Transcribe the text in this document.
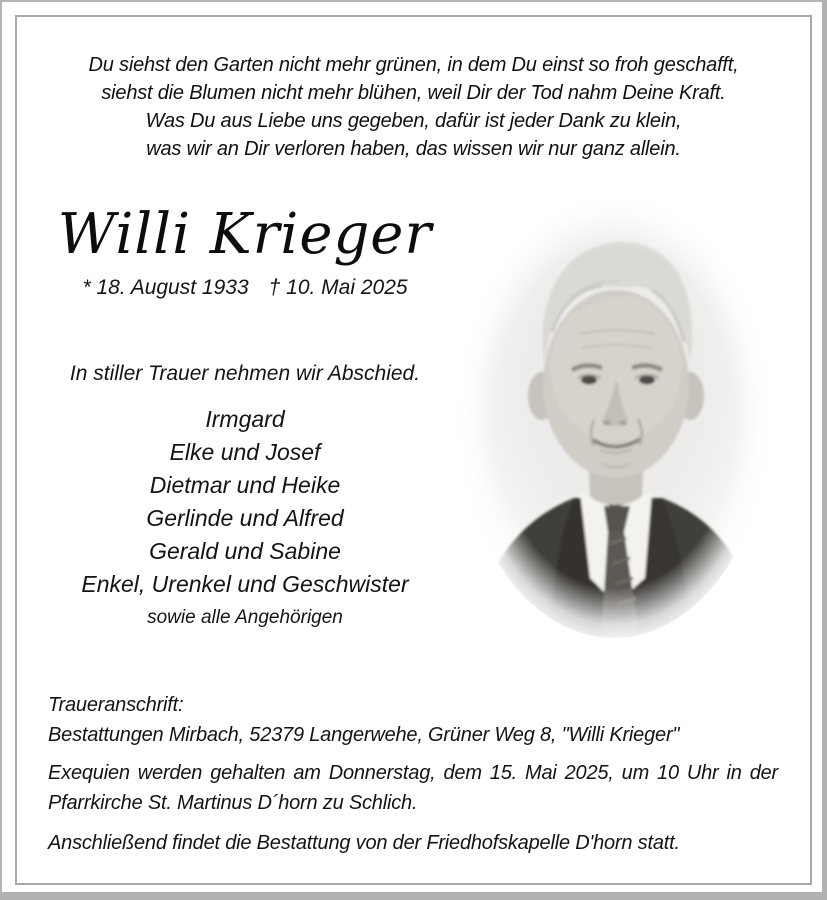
Du siehst den Garten nicht mehr grünen, in dem Du einst so froh geschafft,
siehst die Blumen nicht mehr blühen, weil Dir der Tod nahm Deine Kraft.
Was Du aus Liebe uns gegeben, dafür ist jeder Dank zu klein,
was wir an Dir verloren haben, das wissen wir nur ganz allein.
Willi Krieger
* 18. August 1933 † 10. Mai 2025
In stiller Trauer nehmen wir Abschied.
Irmgard
Elke und Josef
Dietmar und Heike
Gerlinde und Alfred
Gerald und Sabine
Enkel, Urenkel und Geschwister
sowie alle Angehörigen
Traueranschrift:
Bestattungen Mirbach, 52379 Langerwehe, Grüner Weg 8, "Willi Krieger"
Exequien werden gehalten am Donnerstag, dem 15. Mai 2025, um 10 Uhr in der
Pfarrkirche St. Martinus D´horn zu Schlich.
Anschließend findet die Bestattung von der Friedhofskapelle D'horn statt.
